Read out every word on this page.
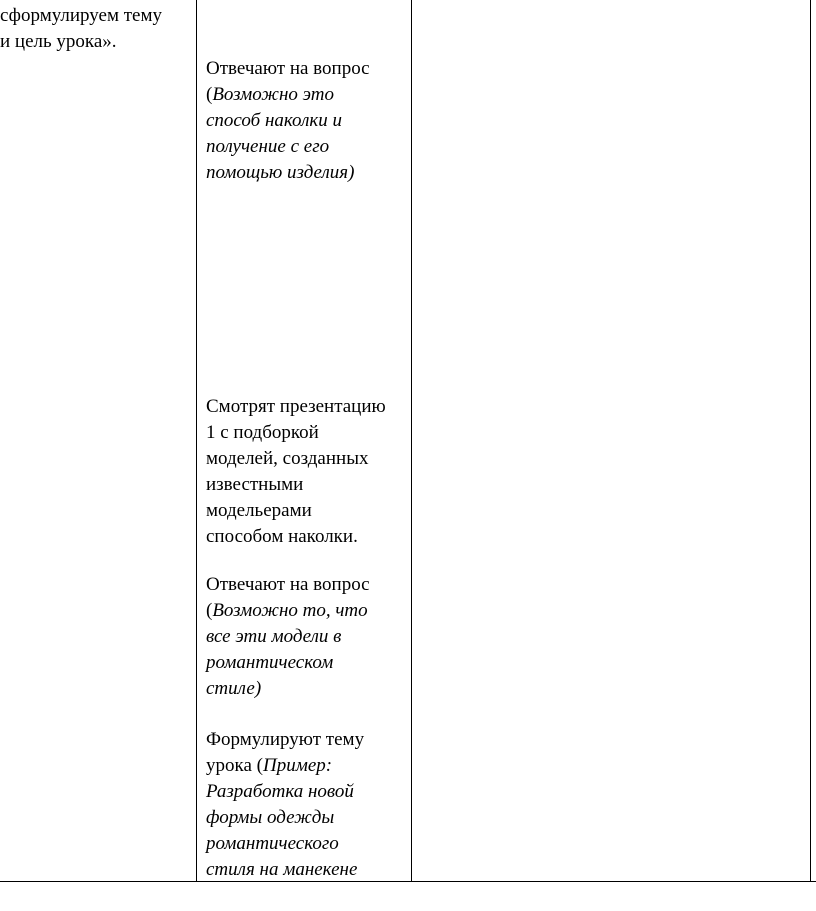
сформулируем тему
и цель урока».

Отвечают на вопрос
(Возможно это
способ наколки и
получение с его
помощью изделия)

Смотрят презентацию
1 с подборкой
моделей, созданных
известными
модельерами
способом наколки.

Отвечают на вопрос
(Возможно то, что
все эти модели в
романтическом
стиле)

Формулируют тему
урока (Пример:
Разработка новой
формы одежды
романтического
стиля на манекене
